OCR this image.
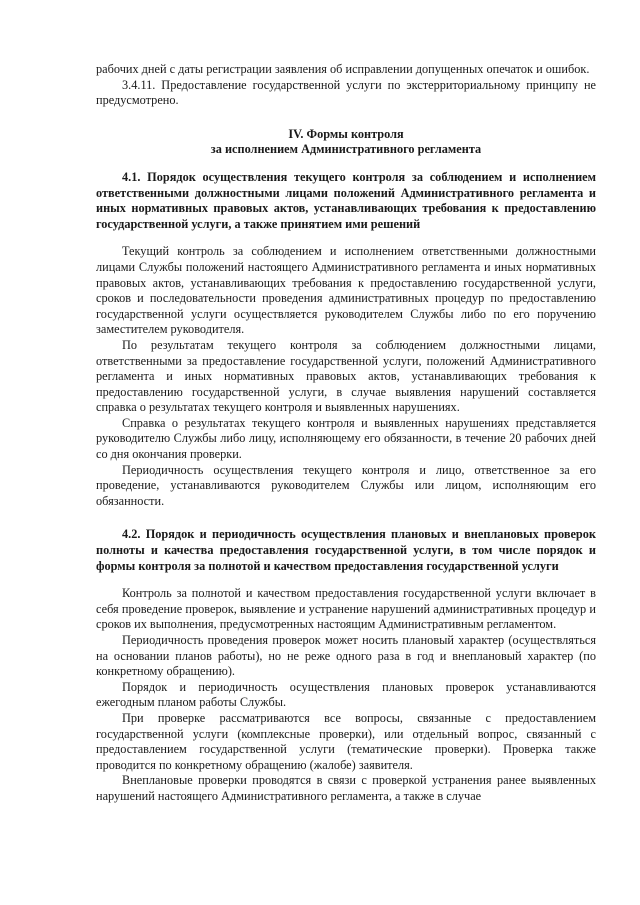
рабочих дней с даты регистрации заявления об исправлении допущенных опечаток и ошибок.

3.4.11. Предоставление государственной услуги по экстерриториальному принципу не предусмотрено.

IV. Формы контроля

за исполнением Административного регламента

4.1. Порядок осуществления текущего контроля за соблюдением и исполнением ответственными должностными лицами положений Административного регламента и иных нормативных правовых актов, устанавливающих требования к предоставлению государственной услуги, а также принятием ими решений

Текущий контроль за соблюдением и исполнением ответственными должностными лицами Службы положений настоящего Административного регламента и иных нормативных правовых актов, устанавливающих требования к предоставлению государственной услуги, сроков и последовательности проведения административных процедур по предоставлению государственной услуги осуществляется руководителем Службы либо по его поручению заместителем руководителя.

По результатам текущего контроля за соблюдением должностными лицами, ответственными за предоставление государственной услуги, положений Административного регламента и иных нормативных правовых актов, устанавливающих требования к предоставлению государственной услуги, в случае выявления нарушений составляется справка о результатах текущего контроля и выявленных нарушениях.

Справка о результатах текущего контроля и выявленных нарушениях представляется руководителю Службы либо лицу, исполняющему его обязанности, в течение 20 рабочих дней со дня окончания проверки.

Периодичность осуществления текущего контроля и лицо, ответственное за его проведение, устанавливаются руководителем Службы или лицом, исполняющим его обязанности.

4.2. Порядок и периодичность осуществления плановых и внеплановых проверок полноты и качества предоставления государственной услуги, в том числе порядок и формы контроля за полнотой и качеством предоставления государственной услуги

Контроль за полнотой и качеством предоставления государственной услуги включает в себя проведение проверок, выявление и устранение нарушений административных процедур и сроков их выполнения, предусмотренных настоящим Административным регламентом.

Периодичность проведения проверок может носить плановый характер (осуществляться на основании планов работы), но не реже одного раза в год и внеплановый характер (по конкретному обращению).

Порядок и периодичность осуществления плановых проверок устанавливаются ежегодным планом работы Службы.

При проверке рассматриваются все вопросы, связанные с предоставлением государственной услуги (комплексные проверки), или отдельный вопрос, связанный с предоставлением государственной услуги (тематические проверки). Проверка также проводится по конкретному обращению (жалобе) заявителя.

Внеплановые проверки проводятся в связи с проверкой устранения ранее выявленных нарушений настоящего Административного регламента, а также в случае
